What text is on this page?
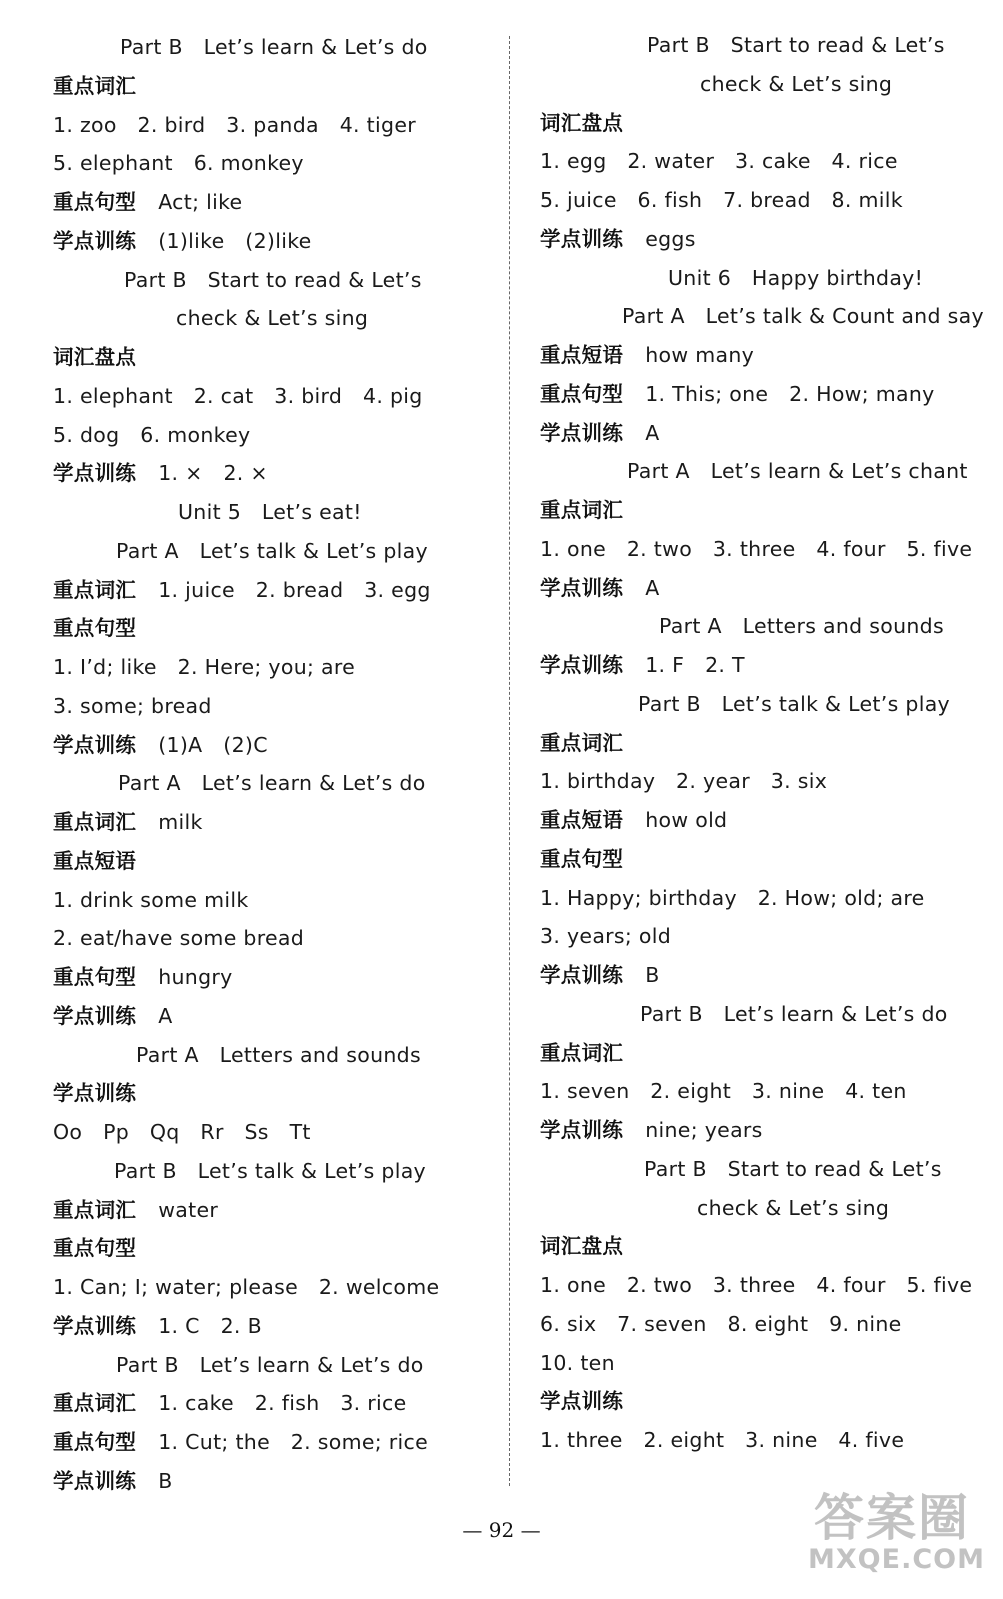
Part B　Let’s learn & Let’s do
重点词汇
1. zoo　2. bird　3. panda　4. tiger
5. elephant　6. monkey
重点句型 Act; like
学点训练 (1)like　(2)like
Part B　Start to read & Let’s
check & Let’s sing
词汇盘点
1. elephant　2. cat　3. bird　4. pig
5. dog　6. monkey
学点训练 1. ×　2. ×
Unit 5　Let’s eat!
Part A　Let’s talk & Let’s play
重点词汇 1. juice　2. bread　3. egg
重点句型
1. I’d; like　2. Here; you; are
3. some; bread
学点训练 (1)A　(2)C
Part A　Let’s learn & Let’s do
重点词汇 milk
重点短语
1. drink some milk
2. eat/have some bread
重点句型 hungry
学点训练 A
Part A　Letters and sounds
学点训练
Oo　Pp　Qq　Rr　Ss　Tt
Part B　Let’s talk & Let’s play
重点词汇 water
重点句型
1. Can; I; water; please　2. welcome
学点训练 1. C　2. B
Part B　Let’s learn & Let’s do
重点词汇 1. cake　2. fish　3. rice
重点句型 1. Cut; the　2. some; rice
学点训练 B
Part B　Start to read & Let’s
check & Let’s sing
词汇盘点
1. egg　2. water　3. cake　4. rice
5. juice　6. fish　7. bread　8. milk
学点训练 eggs
Unit 6　Happy birthday!
Part A　Let’s talk & Count and say
重点短语 how many
重点句型 1. This; one　2. How; many
学点训练 A
Part A　Let’s learn & Let’s chant
重点词汇
1. one　2. two　3. three　4. four　5. five
学点训练 A
Part A　Letters and sounds
学点训练 1. F　2. T
Part B　Let’s talk & Let’s play
重点词汇
1. birthday　2. year　3. six
重点短语 how old
重点句型
1. Happy; birthday　2. How; old; are
3. years; old
学点训练 B
Part B　Let’s learn & Let’s do
重点词汇
1. seven　2. eight　3. nine　4. ten
学点训练 nine; years
Part B　Start to read & Let’s
check & Let’s sing
词汇盘点
1. one　2. two　3. three　4. four　5. five
6. six　7. seven　8. eight　9. nine
10. ten
学点训练
1. three　2. eight　3. nine　4. five
— 92 —	答案圈
MXQE.COM
